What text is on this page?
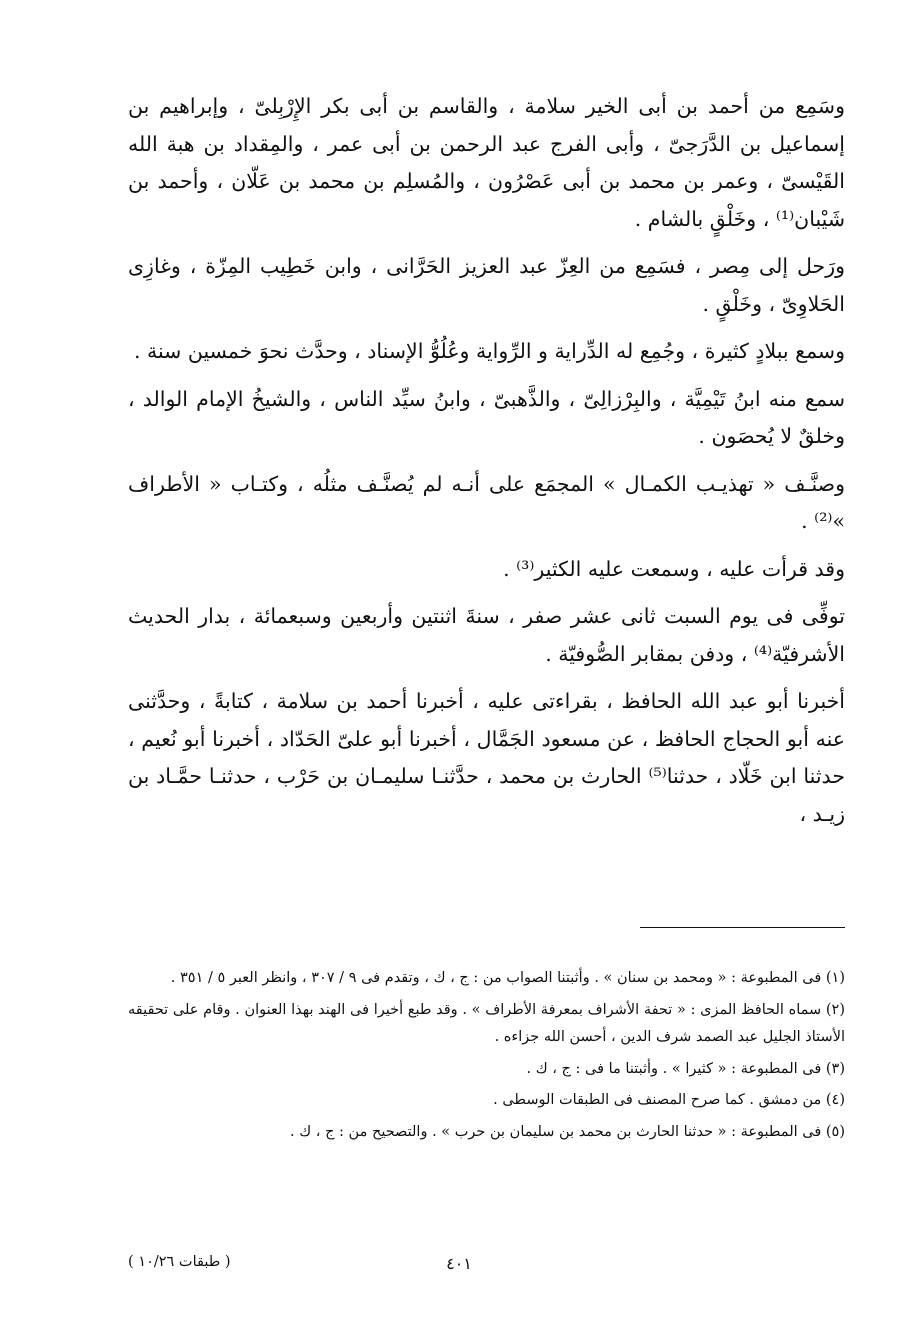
وسَمِع من أحمد بن أبى الخير سلامة ، والقاسم بن أبى بكر الإِرْبِلىّ ، وإبراهيم بن إسماعيل بن الدَّرَجىّ ، وأبى الفرج عبد الرحمن بن أبى عمر ، والمِقداد بن هبة الله القَيْسىّ ، وعمر بن محمد بن أبى عَصْرُون ، والمُسلِم بن محمد بن عَلّان ، وأحمد بن شَيْبان⁽¹⁾ ، وخَلْقٍ بالشام .

ورَحل إلى مِصر ، فسَمِع من العِزّ عبد العزيز الحَرَّانى ، وابن خَطِيب المِزّة ، وغازِى الحَلاوِىّ ، وخَلْقٍ .

وسمع ببلادٍ كثيرة ، وجُمِع له الدِّراية و الرِّواية وعُلُوُّ الإسناد ، وحدَّث نحوَ خمسين سنة .

سمع منه ابنُ تَيْمِيَّة ، والبِرْزالِىّ ، والذَّهبىّ ، وابنُ سيِّد الناس ، والشيخُ الإمام الوالد ، وخلقٌ لا يُحصَون .

وصنَّـف « تهذيـب الكمـال » المجمَع على أنـه لم يُصنَّـف مثلُه ، وكتـاب « الأطراف »⁽²⁾ .

وقد قرأت عليه ، وسمعت عليه الكثير⁽³⁾ .

توفِّى فى يوم السبت ثانى عشر صفر ، سنةَ اثنتين وأربعين وسبعمائة ، بدار الحديث الأشرفيّة⁽⁴⁾ ، ودفن بمقابر الصُّوفيّة .

أخبرنا أبو عبد الله الحافظ ، بقراءتى عليه ، أخبرنا أحمد بن سلامة ، كتابةً ، وحدَّثنى عنه أبو الحجاج الحافظ ، عن مسعود الجَمَّال ، أخبرنا أبو علىّ الحَدّاد ، أخبرنا أبو نُعيم ، حدثنا ابن خَلّاد ، حدثنا⁽⁵⁾ الحارث بن محمد ، حدَّثنـا سليمـان بن حَرْب ، حدثنـا حمَّـاد بن زيـد ،

(١) فى المطبوعة : « ومحمد بن سنان » . وأثبتنا الصواب من : ج ، ك ، وتقدم فى ٩ / ٣٠٧ ، وانظر العبر ٥ / ٣٥١ .

(٢) سماه الحافظ المزى : « تحفة الأشراف بمعرفة الأطراف » . وقد طبع أخيرا فى الهند بهذا العنوان . وقام على تحقيقه الأستاذ الجليل عبد الصمد شرف الدين ، أحسن الله جزاءه .

(٣) فى المطبوعة : « كثيرا » . وأثبتنا ما فى : ج ، ك .

(٤) من دمشق . كما صرح المصنف فى الطبقات الوسطى .

(٥) فى المطبوعة : « حدثنا الحارث بن محمد بن سليمان بن حرب » . والتصحيح من : ج ، ك .

٤٠١
( طبقات ١٠/٢٦ )
